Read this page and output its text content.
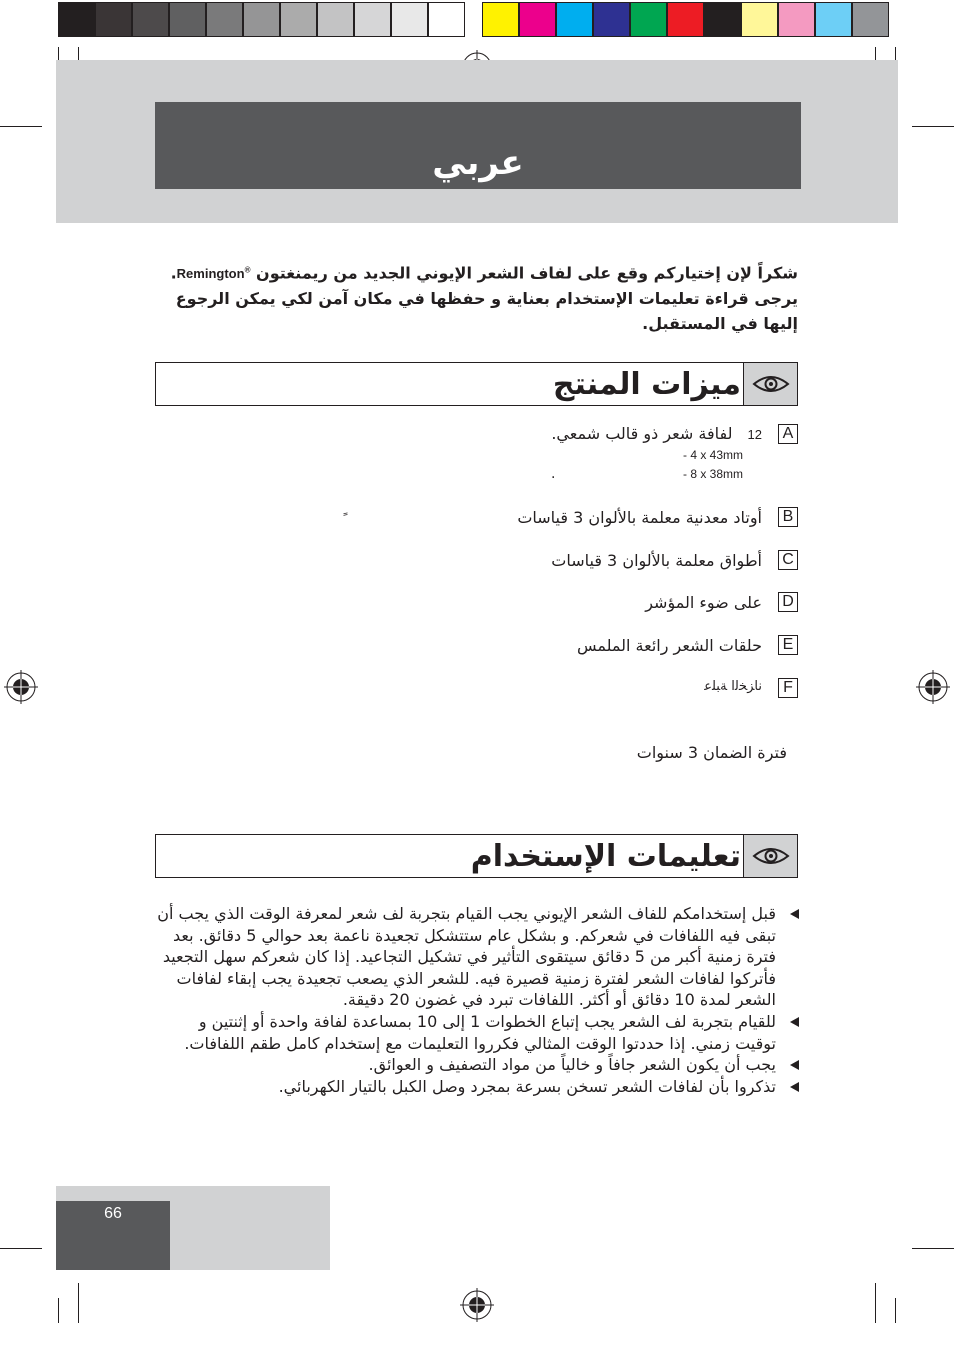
عربي
شكراً لإن إختياركم وقع على لفاف الشعر الإيوني الجديد من ريمنغتون Remington®. يرجى قراءة تعليمات الإستخدام بعناية و حفظها في مكان آمن لكي يمكن الرجوع إليها في المستقبل.
ميزات المنتج
A
12 لفافة شعر ذو قالب شمعي.
- 4 x 43mm
- 8 x 38mm
.
B
أوتاد معدنية معلمة بالألوان 3 قياسات
C
أطواق معلمة بالألوان 3 قياسات
D
على ضوء المؤشر
E
حلقات الشعر رائعة الملمس
F
ناﺰﺨﻟا ﺔﺒﻠﻋ
فترة الضمان 3 سنوات
تعليمات الإستخدام

قبل إستخدامكم للفاف الشعر الإيوني يجب القيام بتجربة لف شعر لمعرفة الوقت الذي يجب أن تبقى فيه اللفافات في شعركم. و بشكل عام ستتشكل تجعيدة ناعمة بعد حوالي 5 دقائق. بعد فترة زمنية أكبر من 5 دقائق سيتقوى التأثير في تشكيل التجاعيد. إذا كان شعركم سهل التجعيد فأتركوا لفافات الشعر لفترة زمنية قصيرة فيه. للشعر الذي يصعب تجعيدة يجب إبقاء لفافات الشعر لمدة 10 دقائق أو أكثر. اللفافات تبرد في غضون 20 دقيقة.

للقيام بتجربة لف الشعر يجب إتباع الخطوات 1 إلى 10 بمساعدة لفافة واحدة أو إثنتين و توقيت زمني. إذا حددتوا الوقت المثالي فكرروا التعليمات مع إستخدام كامل طقم اللفافات.

يجب أن يكون الشعر جافاً و خالياً من مواد التصفيف و العوائق.

تذكروا بأن لفافات الشعر تسخن بسرعة بمجرد وصل الكبل بالتيار الكهربائي.

66
